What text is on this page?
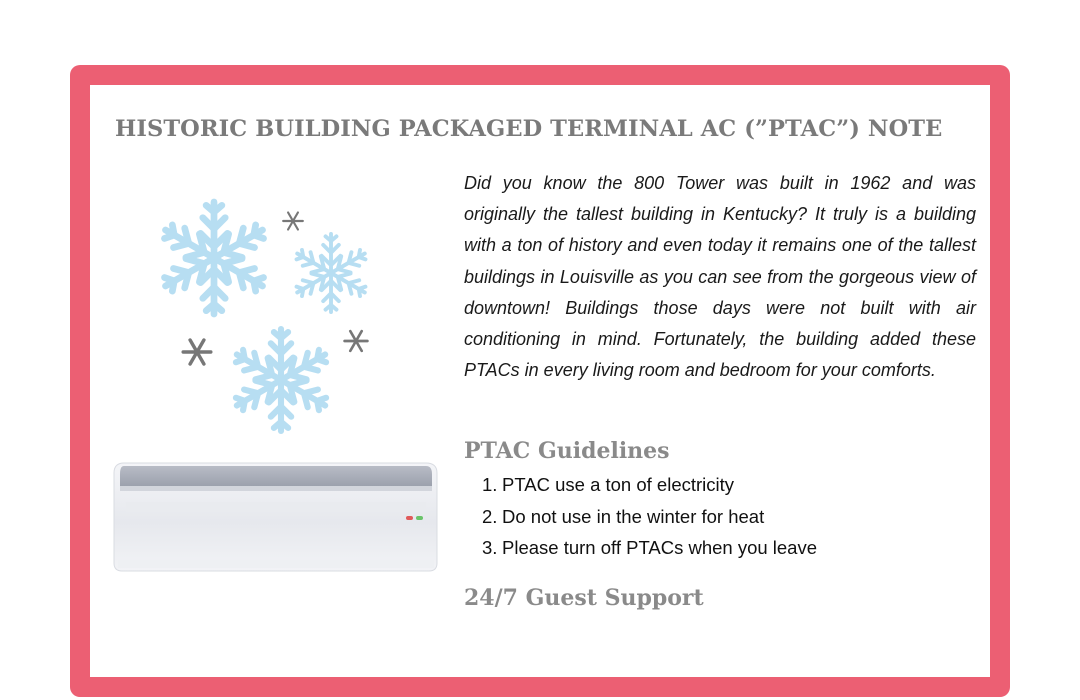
HISTORIC BUILDING PACKAGED TERMINAL AC (”PTAC”) NOTE
Did you know the 800 Tower was built in 1962 and was originally the tallest building in Kentucky? It truly is a building with a ton of history and even today it remains one of the tallest buildings in Louisville as you can see from the gorgeous view of downtown! Buildings those days were not built with air conditioning in mind. Fortunately, the building added these PTACs in every living room and bedroom for your comforts.
PTAC Guidelines
1. PTAC use a ton of electricity
2. Do not use in the winter for heat
3. Please turn off PTACs when you leave
24/7 Guest Support
